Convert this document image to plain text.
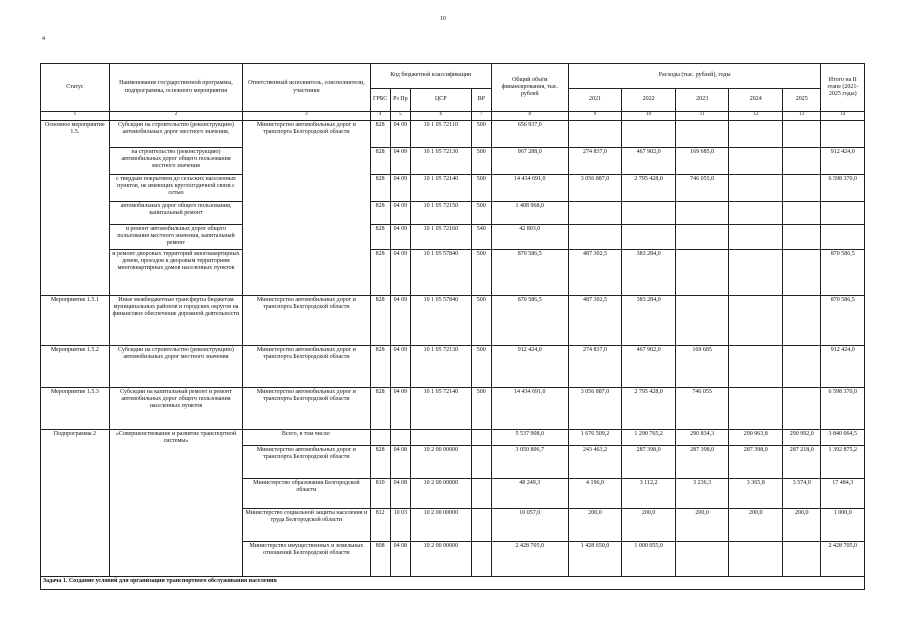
10
4
Статус	Наименование государственной программы, подпрограммы, основного мероприятия	Ответственный исполнитель, соисполнители, участники	Код бюджетной классификации				Общий объём финансирования, тыс. рублей	Расходы (тыс. рублей), годы					Итого на II этапе (2021-2025 годы)
			ГРБС	Рз Пр	ЦСР	ВР		2021	2022	2023	2024	2025	
1	2	3	4	5	6	7	8	9	10	11	12	13	14
Основное мероприятие 1.5.	Субсидии на строительство (реконструкцию) автомобильных дорог местного значения,	Министерство автомобильных дорог и транспорта Белгородской области	828	04 09	10 1 05 72110	500	656 937,0						
	на строительство (реконструкцию) автомобильных дорог общего пользования местного значения		828	04 09	10 1 05 72130	500	967 288,0	274 837,0	467 902,0	169 685,0			912 424,0
	с твердым покрытием до сельских населенных пунктов, не имеющих круглогодичной связи с сетью		828	04 09	10 1 05 72140	500	14 434 691,0	3 056 887,0	2 795 428,0	746 055,0			6 598 370,0
	автомобильных дорог общего пользования, капитальный ремонт		828	04 09	10 1 05 72150	500	1 408 968,0						
	и ремонт автомобильных дорог общего пользования местного значения, капитальный ремонт		828	04 09	10 1 05 72160	540	42 803,0						
	и ремонт дворовых территорий многоквартирных домов, проездов к дворовым территориям многоквартирных домов населенных пунктов		828	04 09	10 1 05 57840	500	870 586,5	487 302,5	383 284,0				870 586,5
Мероприятие 1.5.1	Иные межбюджетные трансферты бюджетам муниципальных районов и городских округов на финансовое обеспечение дорожной деятельности	Министерство автомобильных дорог и транспорта Белгородской области	828	04 09	10 1 05 57840	500	870 586,5	487 302,5	383 284,0				870 586,5
Мероприятие 1.5.2	Субсидии на строительство (реконструкцию) автомобильных дорог местного значения	Министерство автомобильных дорог и транспорта Белгородской области	828	04 09	10 1 05 72130	500	912 424,0	274 837,0	467 902,0	169 685			912 424,0
Мероприятие 1.5.3	Субсидии на капитальный ремонт и ремонт автомобильных дорог общего пользования населенных пунктов	Министерство автомобильных дорог и транспорта Белгородской области	828	04 09	10 1 05 72140	500	14 434 691,0	3 056 887,0	2 795 428,0	746 055			6 598 370,0
Подпрограмма 2	«Совершенствование и развитие транспортной системы»	Всего, в том числе:					5 537 908,0	1 676 509,2	1 290 765,2	290 834,3	290 963,8	290 992,0	3 840 064,5
		Министерство автомобильных дорог и транспорта Белгородской области	828	04 08	10 2 00 00000		3 050 896,7	243 463,2	287 398,0	287 398,0	287 398,0	287 218,0	1 392 875,2
		Министерство образования Белгородской области	810	04 08	10 2 00 00000		48 249,3	4 196,0	3 112,2	3 236,3	3 365,8	3 574,0	17 484,3
		Министерство социальной защиты населения и труда Белгородской области	812	10 03	10 2 00 00000		10 057,0	200,0	200,0	200,0	200,0	200,0	1 000,0
		Министерство имущественных и земельных отношений Белгородской области	808	04 08	10 2 00 00000		2 428 705,0	1 428 650,0	1 000 055,0				2 428 705,0
Задача 1. Создание условий для организации транспортного обслуживания населения													
